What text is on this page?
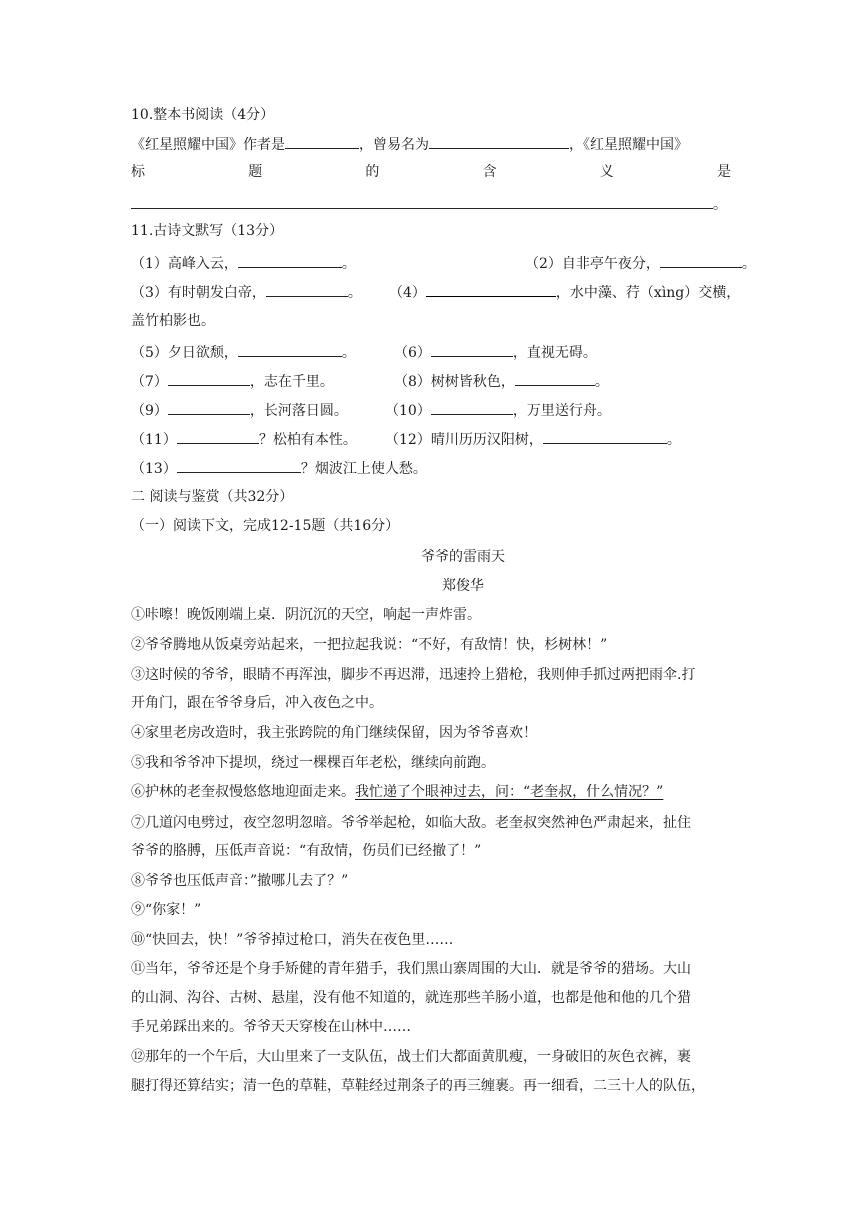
10.整本书阅读（4分）
《红星照耀中国》作者是	，曾易名为	，《红星照耀中国》
标	题	的	含	义	是
。
11.古诗文默写（13分）
（1）高峰入云，	。	（2）自非亭午夜分，	。
（3）有时朝发白帝，	。 （4）	，水中藻、荇（xìng）交横，
盖竹柏影也。
（5）夕日欲颓，	。	（6）	，直视无碍。
（7）	，志在千里。	（8）树树皆秋色，	。
（9）	，长河落日圆。	（10）	，万里送行舟。
（11）	？松柏有本性。 （12）晴川历历汉阳树，	。
（13）	？烟波江上使人愁。
二 阅读与鉴赏（共32分）
（一）阅读下文，完成12-15题（共16分）
爷爷的雷雨天
郑俊华
①咔嚓！晚饭刚端上桌．阴沉沉的天空，响起一声炸雷。
②爷爷腾地从饭桌旁站起来，一把拉起我说：“不好，有敌情！快，杉树林！”
③这时候的爷爷，眼睛不再浑浊，脚步不再迟滞，迅速拎上猎枪，我则伸手抓过两把雨伞.打
开角门，跟在爷爷身后，冲入夜色之中。
④家里老房改造时，我主张跨院的角门继续保留，因为爷爷喜欢！
⑤我和爷爷冲下提坝，绕过一棵棵百年老松，继续向前跑。
⑥护林的老奎叔慢悠悠地迎面走来。我忙递了个眼神过去，问：“老奎叔，什么情况？”
⑦几道闪电劈过，夜空忽明忽暗。爷爷举起枪，如临大敌。老奎叔突然神色严肃起来，扯住
爷爷的胳膊，压低声音说：“有敌情，伤员们已经撤了！”
⑧爷爷也压低声音：”撤哪儿去了？”
⑨“你家！”
⑩“快回去，快！”爷爷掉过枪口，消失在夜色里……
⑪当年，爷爷还是个身手矫健的青年猎手，我们黑山寨周围的大山．就是爷爷的猎场。大山
的山洞、沟谷、古树、悬崖，没有他不知道的，就连那些羊肠小道，也都是他和他的几个猎
手兄弟踩出来的。爷爷天天穿梭在山林中……
⑫那年的一个午后，大山里来了一支队伍，战士们大都面黄肌瘦，一身破旧的灰色衣裤，裹
腿打得还算结实；清一色的草鞋，草鞋经过荆条子的再三缠裹。再一细看，二三十人的队伍，
